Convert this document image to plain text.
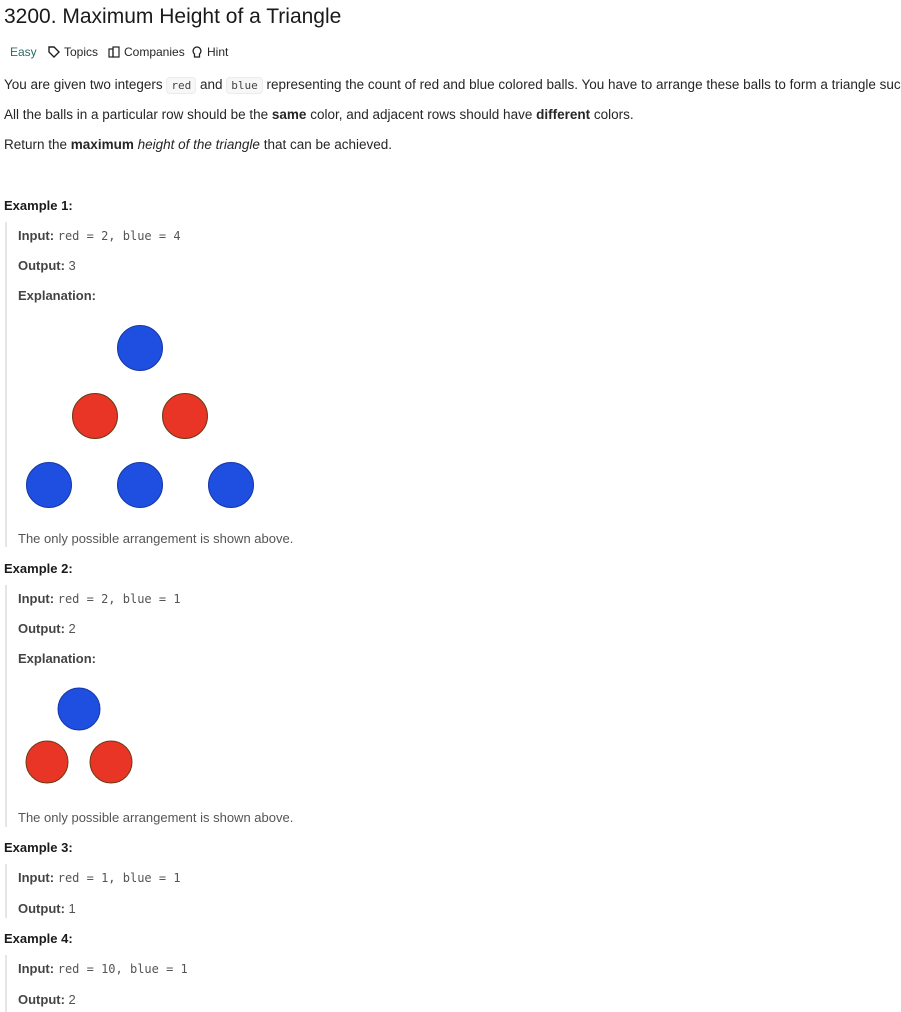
3200. Maximum Height of a Triangle
Easy Topics Companies Hint

You are given two integers red and blue representing the count of red and blue colored balls. You have to arrange these balls to form a triangle suc

All the balls in a particular row should be the same color, and adjacent rows should have different colors.

Return the maximum height of the triangle that can be achieved.

Example 1:
Input: red = 2, blue = 4
Output: 3
Explanation:
The only possible arrangement is shown above.
Example 2:
Input: red = 2, blue = 1
Output: 2
Explanation:
The only possible arrangement is shown above.
Example 3:
Input: red = 1, blue = 1
Output: 1
Example 4:
Input: red = 10, blue = 1
Output: 2
